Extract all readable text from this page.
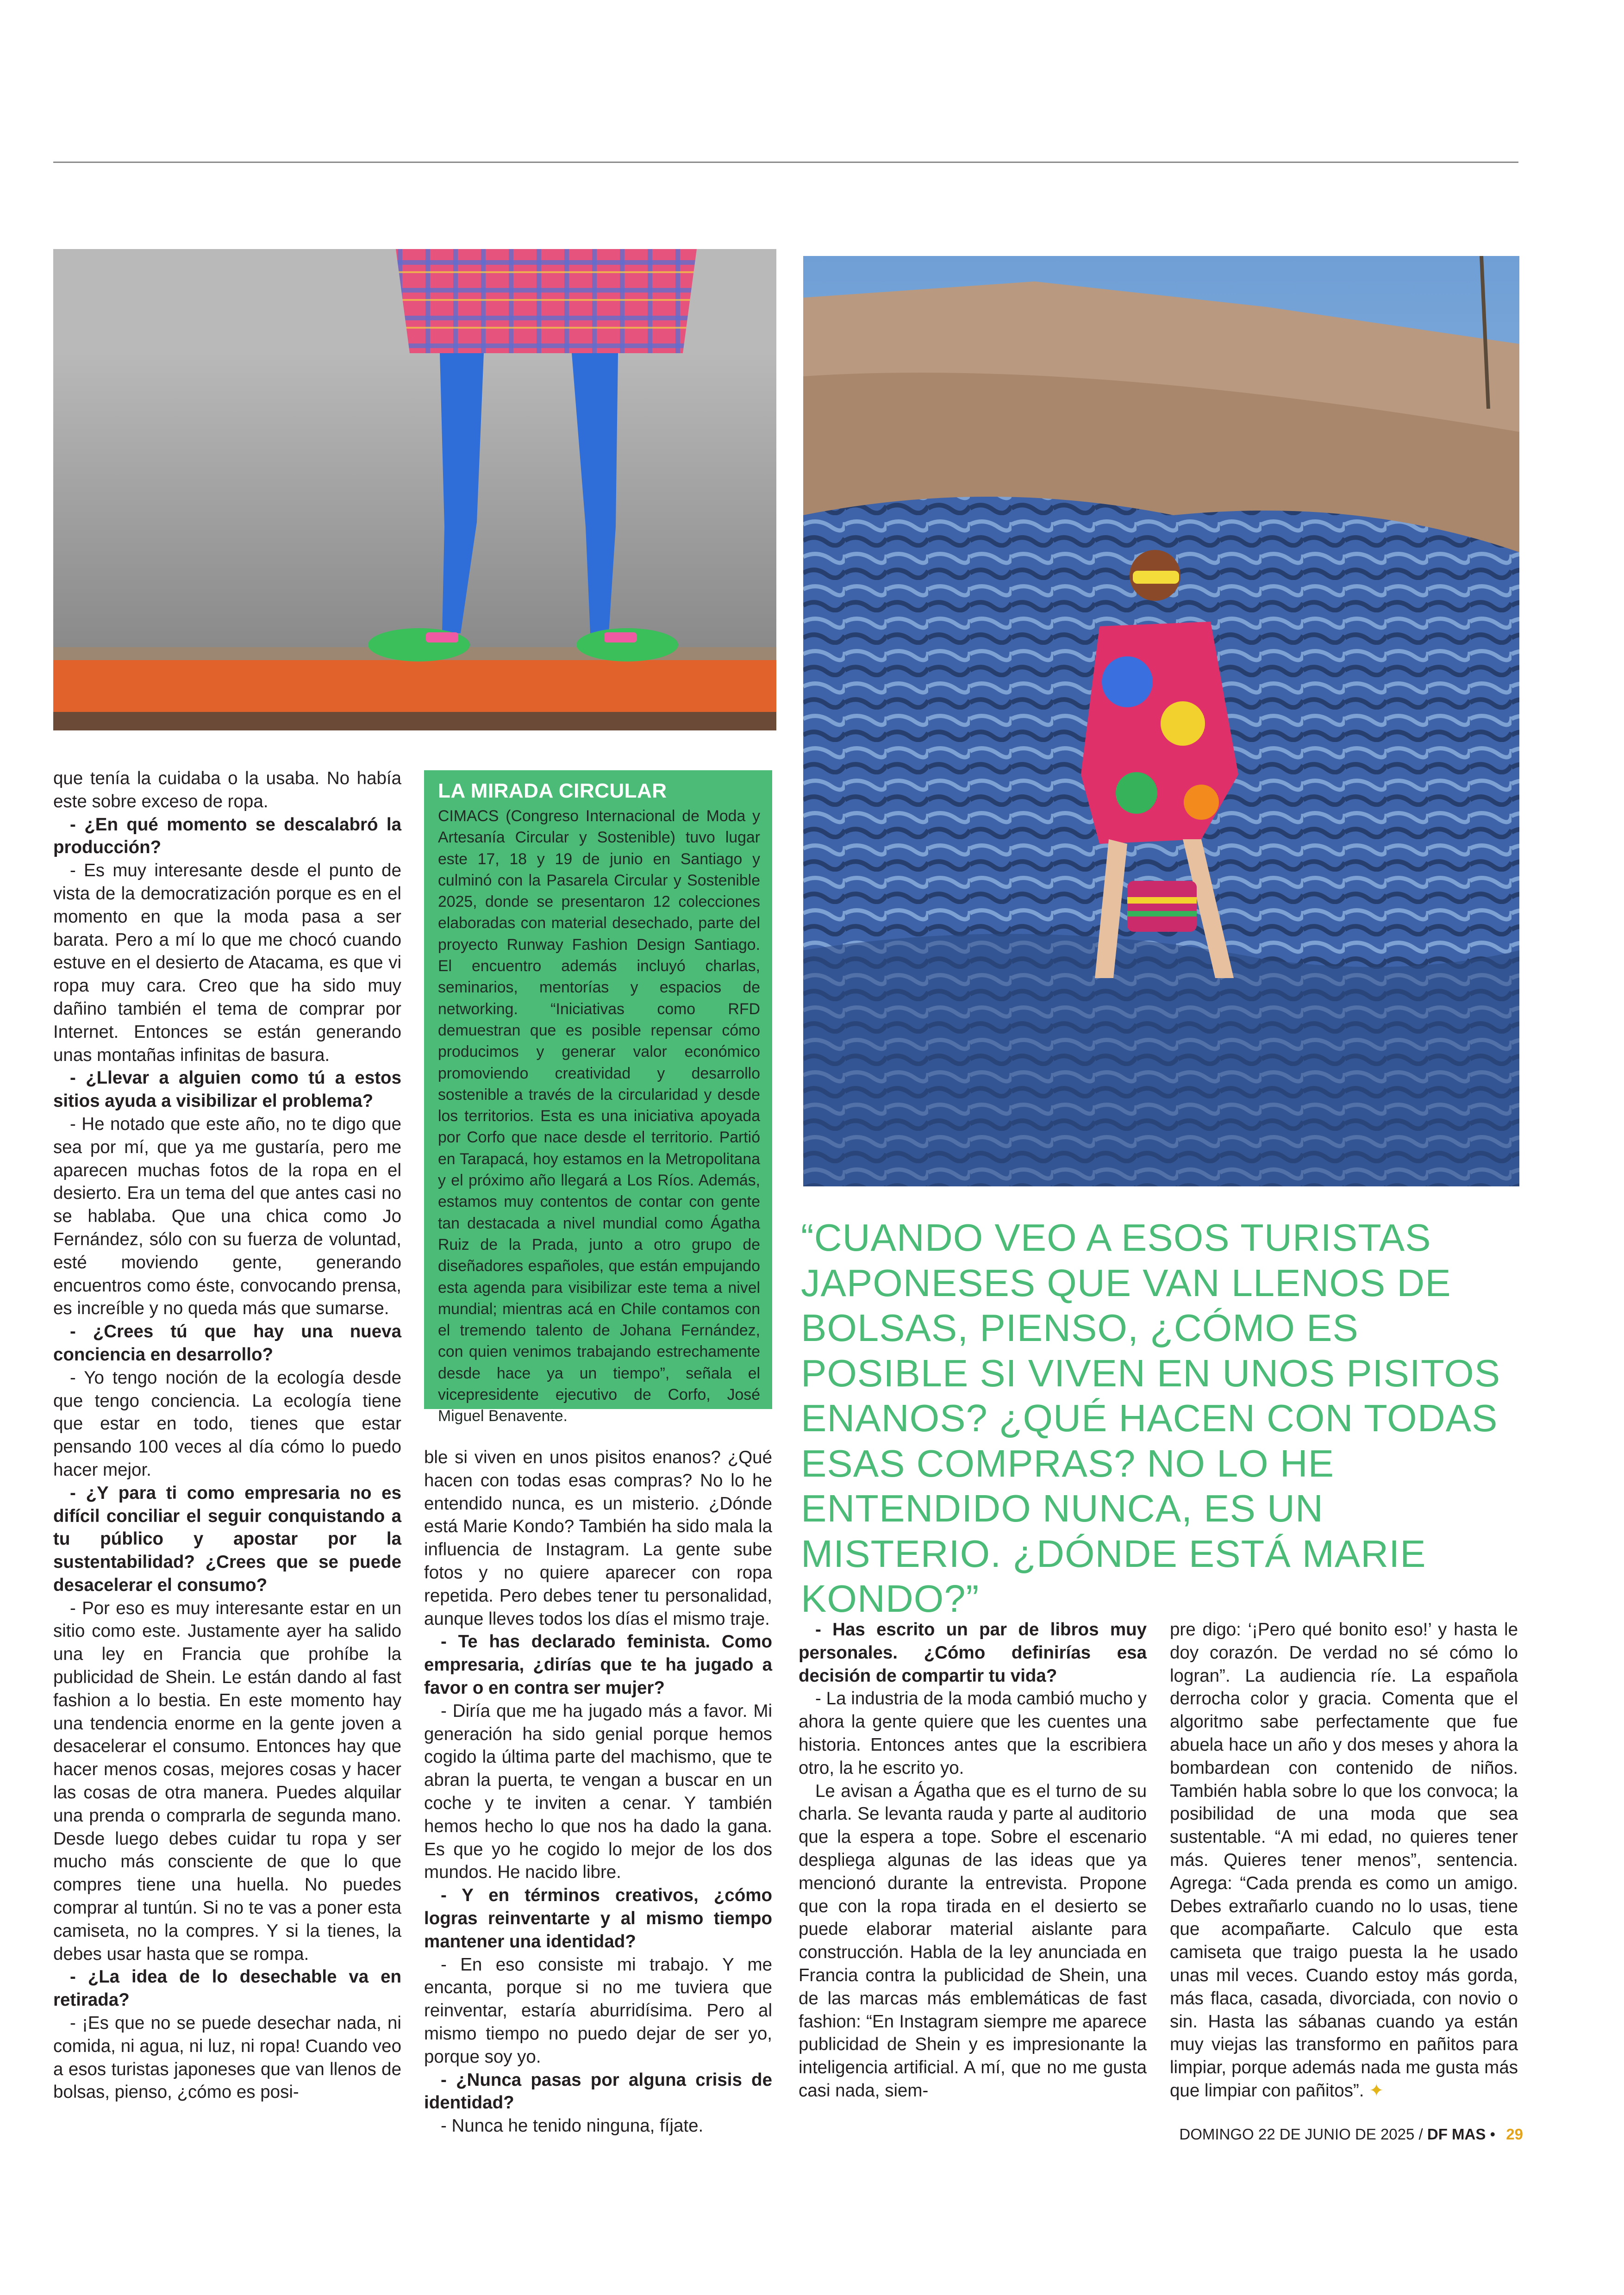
que tenía la cuidaba o la usaba. No había este sobre exceso de ropa.

- ¿En qué momento se descalabró la producción?

- Es muy interesante desde el punto de vista de la democratización porque es en el momento en que la moda pasa a ser barata. Pero a mí lo que me chocó cuando estuve en el desierto de Atacama, es que vi ropa muy cara. Creo que ha sido muy dañino también el tema de comprar por Internet. Entonces se están generando unas montañas infinitas de basura.

- ¿Llevar a alguien como tú a estos sitios ayuda a visibilizar el problema?

- He notado que este año, no te digo que sea por mí, que ya me gustaría, pero me aparecen muchas fotos de la ropa en el desierto. Era un tema del que antes casi no se hablaba. Que una chica como Jo Fernández, sólo con su fuerza de voluntad, esté moviendo gente, generando encuentros como éste, convocando prensa, es increíble y no queda más que sumarse.

- ¿Crees tú que hay una nueva conciencia en desarrollo?

- Yo tengo noción de la ecología desde que tengo conciencia. La ecología tiene que estar en todo, tienes que estar pensando 100 veces al día cómo lo puedo hacer mejor.

- ¿Y para ti como empresaria no es difícil conciliar el seguir conquistando a tu público y apostar por la sustentabilidad? ¿Crees que se puede desacelerar el consumo?

- Por eso es muy interesante estar en un sitio como este. Justamente ayer ha salido una ley en Francia que prohíbe la publicidad de Shein. Le están dando al fast fashion a lo bestia. En este momento hay una tendencia enorme en la gente joven a desacelerar el consumo. Entonces hay que hacer menos cosas, mejores cosas y hacer las cosas de otra manera. Puedes alquilar una prenda o comprarla de segunda mano. Desde luego debes cuidar tu ropa y ser mucho más consciente de que lo que compres tiene una huella. No puedes comprar al tuntún. Si no te vas a poner esta camiseta, no la compres. Y si la tienes, la debes usar hasta que se rompa.

- ¿La idea de lo desechable va en retirada?

- ¡Es que no se puede desechar nada, ni comida, ni agua, ni luz, ni ropa! Cuando veo a esos turistas japoneses que van llenos de bolsas, pienso, ¿cómo es posi-

LA MIRADA CIRCULAR

CIMACS (Congreso Internacional de Moda y Artesanía Circular y Sostenible) tuvo lugar este 17, 18 y 19 de junio en Santiago y culminó con la Pasarela Circular y Sostenible 2025, donde se presentaron 12 colecciones elaboradas con material desechado, parte del proyecto Runway Fashion Design Santiago. El encuentro además incluyó charlas, seminarios, mentorías y espacios de networking. “Iniciativas como RFD demuestran que es posible repensar cómo producimos y generar valor económico promoviendo creatividad y desarrollo sostenible a través de la circularidad y desde los territorios. Esta es una iniciativa apoyada por Corfo que nace desde el territorio. Partió en Tarapacá, hoy estamos en la Metropolitana y el próximo año llegará a Los Ríos. Además, estamos muy contentos de contar con gente tan destacada a nivel mundial como Ágatha Ruiz de la Prada, junto a otro grupo de diseñadores españoles, que están empujando esta agenda para visibilizar este tema a nivel mundial; mientras acá en Chile contamos con el tremendo talento de Johana Fernández, con quien venimos trabajando estrechamente desde hace ya un tiempo”, señala el vicepresidente ejecutivo de Corfo, José Miguel Benavente.

ble si viven en unos pisitos enanos? ¿Qué hacen con todas esas compras? No lo he entendido nunca, es un misterio. ¿Dónde está Marie Kondo? También ha sido mala la influencia de Instagram. La gente sube fotos y no quiere aparecer con ropa repetida. Pero debes tener tu personalidad, aunque lleves todos los días el mismo traje.

- Te has declarado feminista. Como empresaria, ¿dirías que te ha jugado a favor o en contra ser mujer?

- Diría que me ha jugado más a favor. Mi generación ha sido genial porque hemos cogido la última parte del machismo, que te abran la puerta, te vengan a buscar en un coche y te inviten a cenar. Y también hemos hecho lo que nos ha dado la gana. Es que yo he cogido lo mejor de los dos mundos. He nacido libre.

- Y en términos creativos, ¿cómo logras reinventarte y al mismo tiempo mantener una identidad?

- En eso consiste mi trabajo. Y me encanta, porque si no me tuviera que reinventar, estaría aburridísima. Pero al mismo tiempo no puedo dejar de ser yo, porque soy yo.

- ¿Nunca pasas por alguna crisis de identidad?

- Nunca he tenido ninguna, fíjate.

“CUANDO VEO A ESOS TURISTAS JAPONESES QUE VAN LLENOS DE BOLSAS, PIENSO, ¿CÓMO ES POSIBLE SI VIVEN EN UNOS PISITOS ENANOS? ¿QUÉ HACEN CON TODAS ESAS COMPRAS? NO LO HE ENTENDIDO NUNCA, ES UN MISTERIO. ¿DÓNDE ESTÁ MARIE KONDO?”

- Has escrito un par de libros muy personales. ¿Cómo definirías esa decisión de compartir tu vida?

- La industria de la moda cambió mucho y ahora la gente quiere que les cuentes una historia. Entonces antes que la escribiera otro, la he escrito yo.

Le avisan a Ágatha que es el turno de su charla. Se levanta rauda y parte al auditorio que la espera a tope. Sobre el escenario despliega algunas de las ideas que ya mencionó durante la entrevista. Propone que con la ropa tirada en el desierto se puede elaborar material aislante para construcción. Habla de la ley anunciada en Francia contra la publicidad de Shein, una de las marcas más emblemáticas de fast fashion: “En Instagram siempre me aparece publicidad de Shein y es impresionante la inteligencia artificial. A mí, que no me gusta casi nada, siem-

pre digo: ‘¡Pero qué bonito eso!’ y hasta le doy corazón. De verdad no sé cómo lo logran”. La audiencia ríe. La española derrocha color y gracia. Comenta que el algoritmo sabe perfectamente que fue abuela hace un año y dos meses y ahora la bombardean con contenido de niños. También habla sobre lo que los convoca; la posibilidad de una moda que sea sustentable. “A mi edad, no quieres tener más. Quieres tener menos”, sentencia. Agrega: “Cada prenda es como un amigo. Debes extrañarlo cuando no lo usas, tiene que acompañarte. Calculo que esta camiseta que traigo puesta la he usado unas mil veces. Cuando estoy más gorda, más flaca, casada, divorciada, con novio o sin. Hasta las sábanas cuando ya están muy viejas las transformo en pañitos para limpiar, porque además nada me gusta más que limpiar con pañitos”. ✦

DOMINGO 22 DE JUNIO DE 2025 / DF MAS • 29
